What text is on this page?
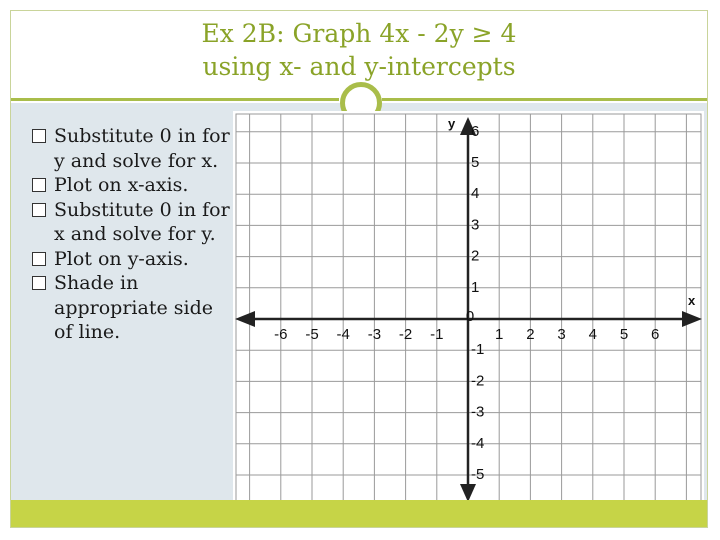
Ex 2B: Graph 4x - 2y ≥ 4
using x- and y-intercepts
Substitute 0 in for y and solve for x.
Plot on x-axis.
Substitute 0 in for x and solve for y.
Plot on y-axis.
Shade in appropriate side of line.	-6 -5 -4 -3 -2 -1	1 2 3 4 5 6
0
6
5
4
3
2
1
-1
-2
-3
-4
-5
x
y
